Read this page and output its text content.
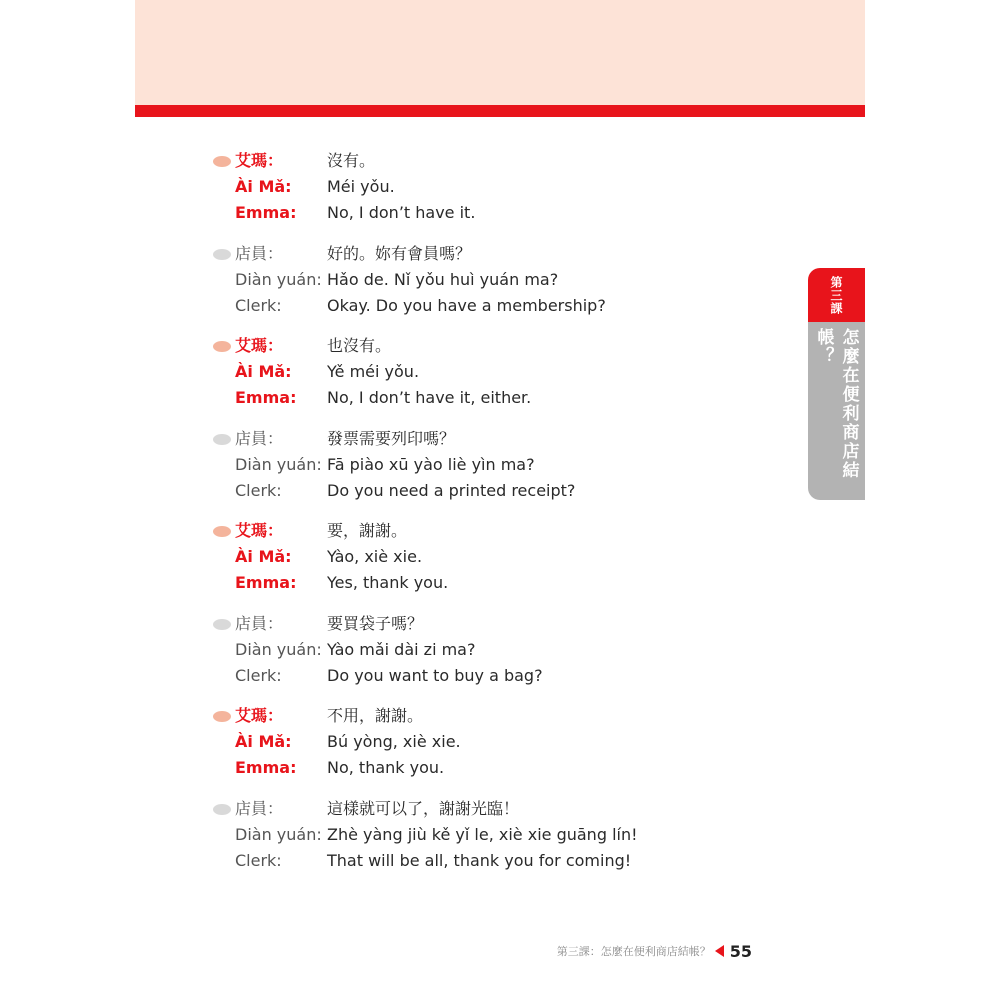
艾瑪：	沒有。
Ài Mǎ: Méi yǒu.
Emma: No, I don’t have it.
店員：	好的。妳有會員嗎？
Diàn yuán: Hǎo de. Nǐ yǒu huì yuán ma?
Clerk:	Okay. Do you have a membership?
艾瑪：	也沒有。
Ài Mǎ: Yě méi yǒu.
Emma: No, I don’t have it, either.
店員：	發票需要列印嗎？
Diàn yuán: Fā piào xū yào liè yìn ma?
Clerk:	Do you need a printed receipt?
艾瑪：	要，謝謝。
Ài Mǎ: Yào, xiè xie.
Emma: Yes, thank you.
店員：	要買袋子嗎？
Diàn yuán: Yào mǎi dài zi ma?
Clerk:	Do you want to buy a bag?
艾瑪：	不用，謝謝。
Ài Mǎ: Bú yòng, xiè xie.
Emma: No, thank you.
店員：	這樣就可以了，謝謝光臨！
Diàn yuán: Zhè yàng jiù kě yǐ le, xiè xie guāng lín!
Clerk:	That will be all, thank you for coming!
第三課
怎麼在便利商店結帳？
第三課：怎麼在便利商店結帳？ 55
